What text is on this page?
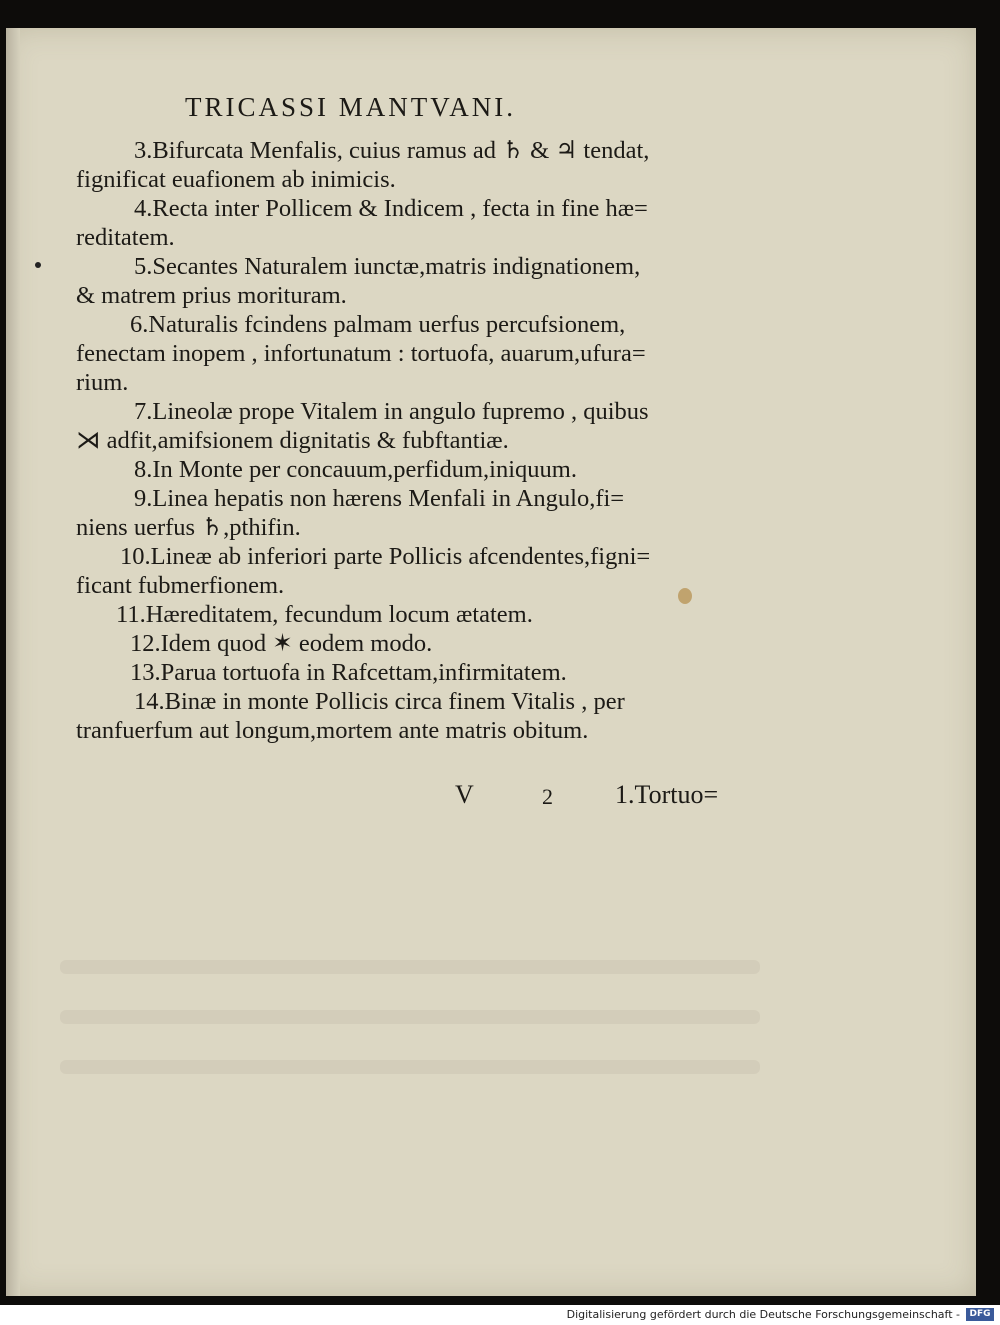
TRICASSI MANTVANI.
3.Bifurcata Menfalis, cuius ramus ad ♄ & ♃ tendat,
fignificat euafionem ab inimicis.
4.Recta inter Pollicem & Indicem , fecta in fine hæ=
reditatem.
5.Secantes Naturalem iunctæ,matris indignationem,
& matrem prius morituram.
6.Naturalis fcindens palmam uerfus percufsionem,
fenectam inopem , infortunatum : tortuofa, auarum,ufura=
rium.
7.Lineolæ prope Vitalem in angulo fupremo , quibus
⋊ adfit,amifsionem dignitatis & fubftantiæ.
8.In Monte per concauum,perfidum,iniquum.
9.Linea hepatis non hærens Menfali in Angulo,fi=
niens uerfus ♄,pthifin.
10.Lineæ ab inferiori parte Pollicis afcendentes,figni=
ficant fubmerfionem.
11.Hæreditatem, fecundum locum ætatem.
12.Idem quod ✶ eodem modo.
13.Parua tortuofa in Rafcettam,infirmitatem.
14.Binæ in monte Pollicis circa finem Vitalis , per
tranfuerfum aut longum,mortem ante matris obitum.
V	2 1.Tortuo=
Digitalisierung gefördert durch die Deutsche Forschungsgemeinschaft -	DFG
